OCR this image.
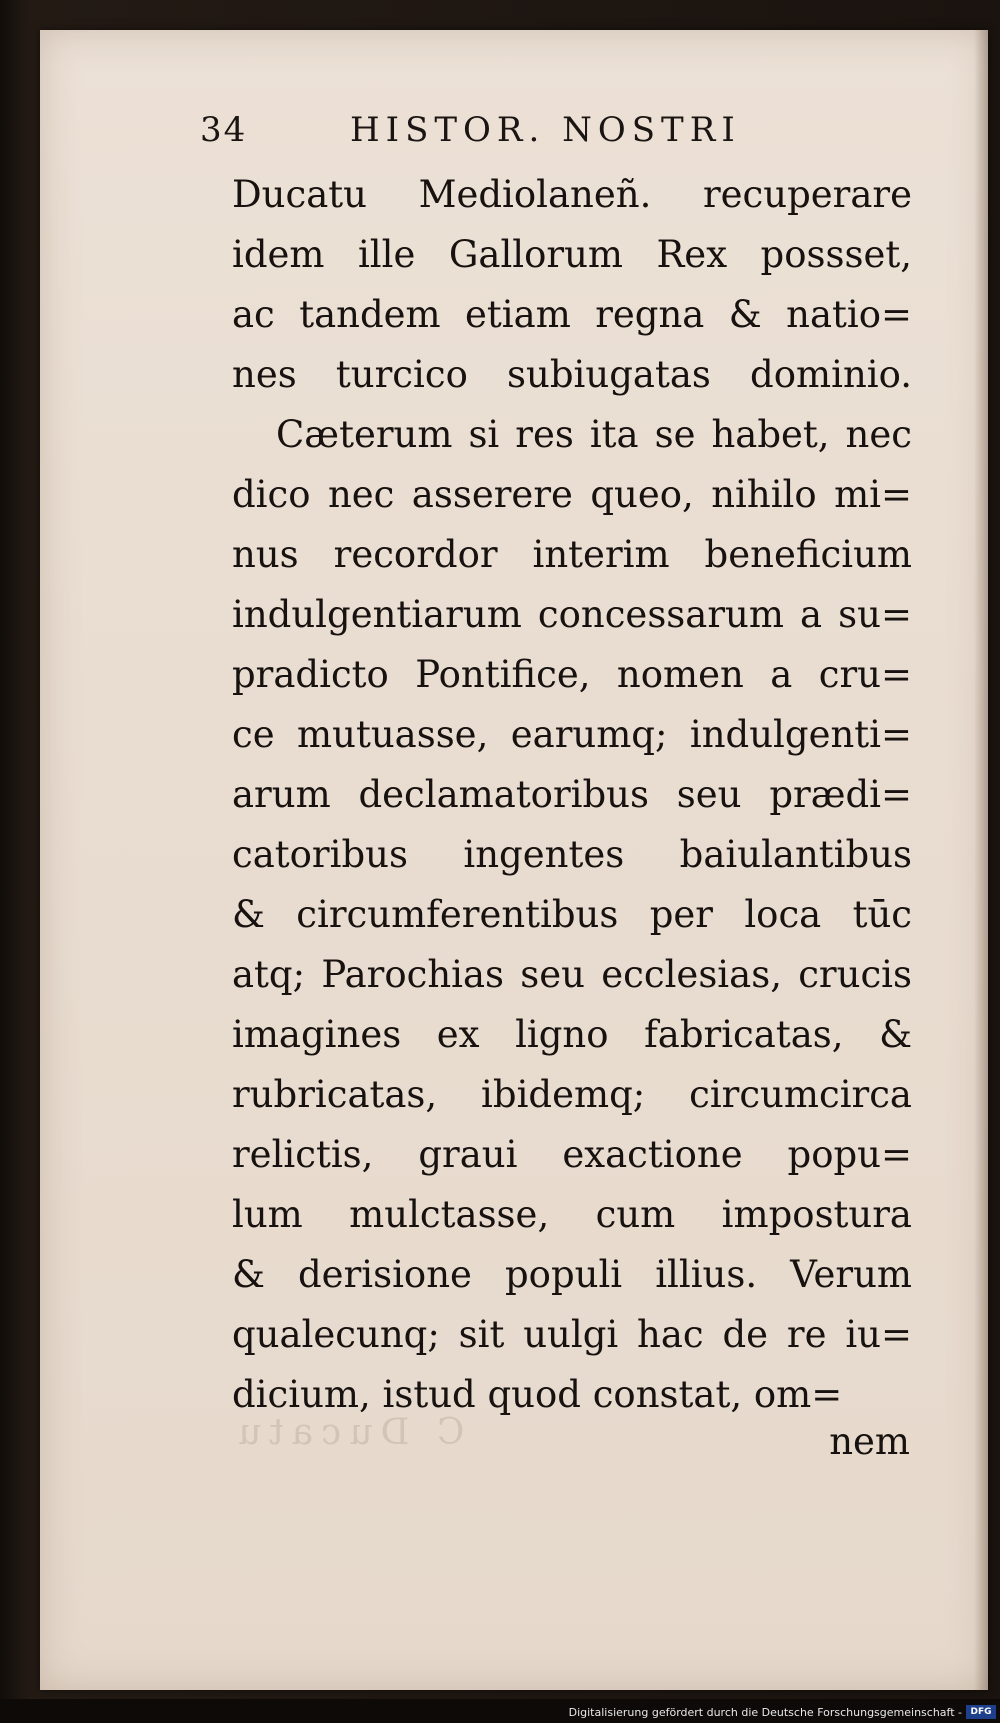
34	HISTOR. NOSTRI
Ducatu Mediolaneñ. recuperare
idem ille Gallorum Rex possset,
ac tandem etiam regna & natio=
nes turcico subiugatas dominio.
Cæterum si res ita se habet, nec
dico nec asserere queo, nihilo mi=
nus recordor interim beneficium
indulgentiarum concessarum a su=
pradicto Pontifice, nomen a cru=
ce mutuasse, earumq; indulgenti=
arum declamatoribus seu prædi=
catoribus ingentes baiulantibus
& circumferentibus per loca tūc
atq; Parochias seu ecclesias, crucis
imagines ex ligno fabricatas, &
rubricatas, ibidemq; circumcirca
relictis, graui exactione popu=
lum mulctasse, cum impostura
& derisione populi illius. Verum
qualecunq; sit uulgi hac de re iu=
dicium, istud quod constat, om=
C Ducatu	nem
Digitalisierung gefördert durch die Deutsche Forschungsgemeinschaft - DFG
